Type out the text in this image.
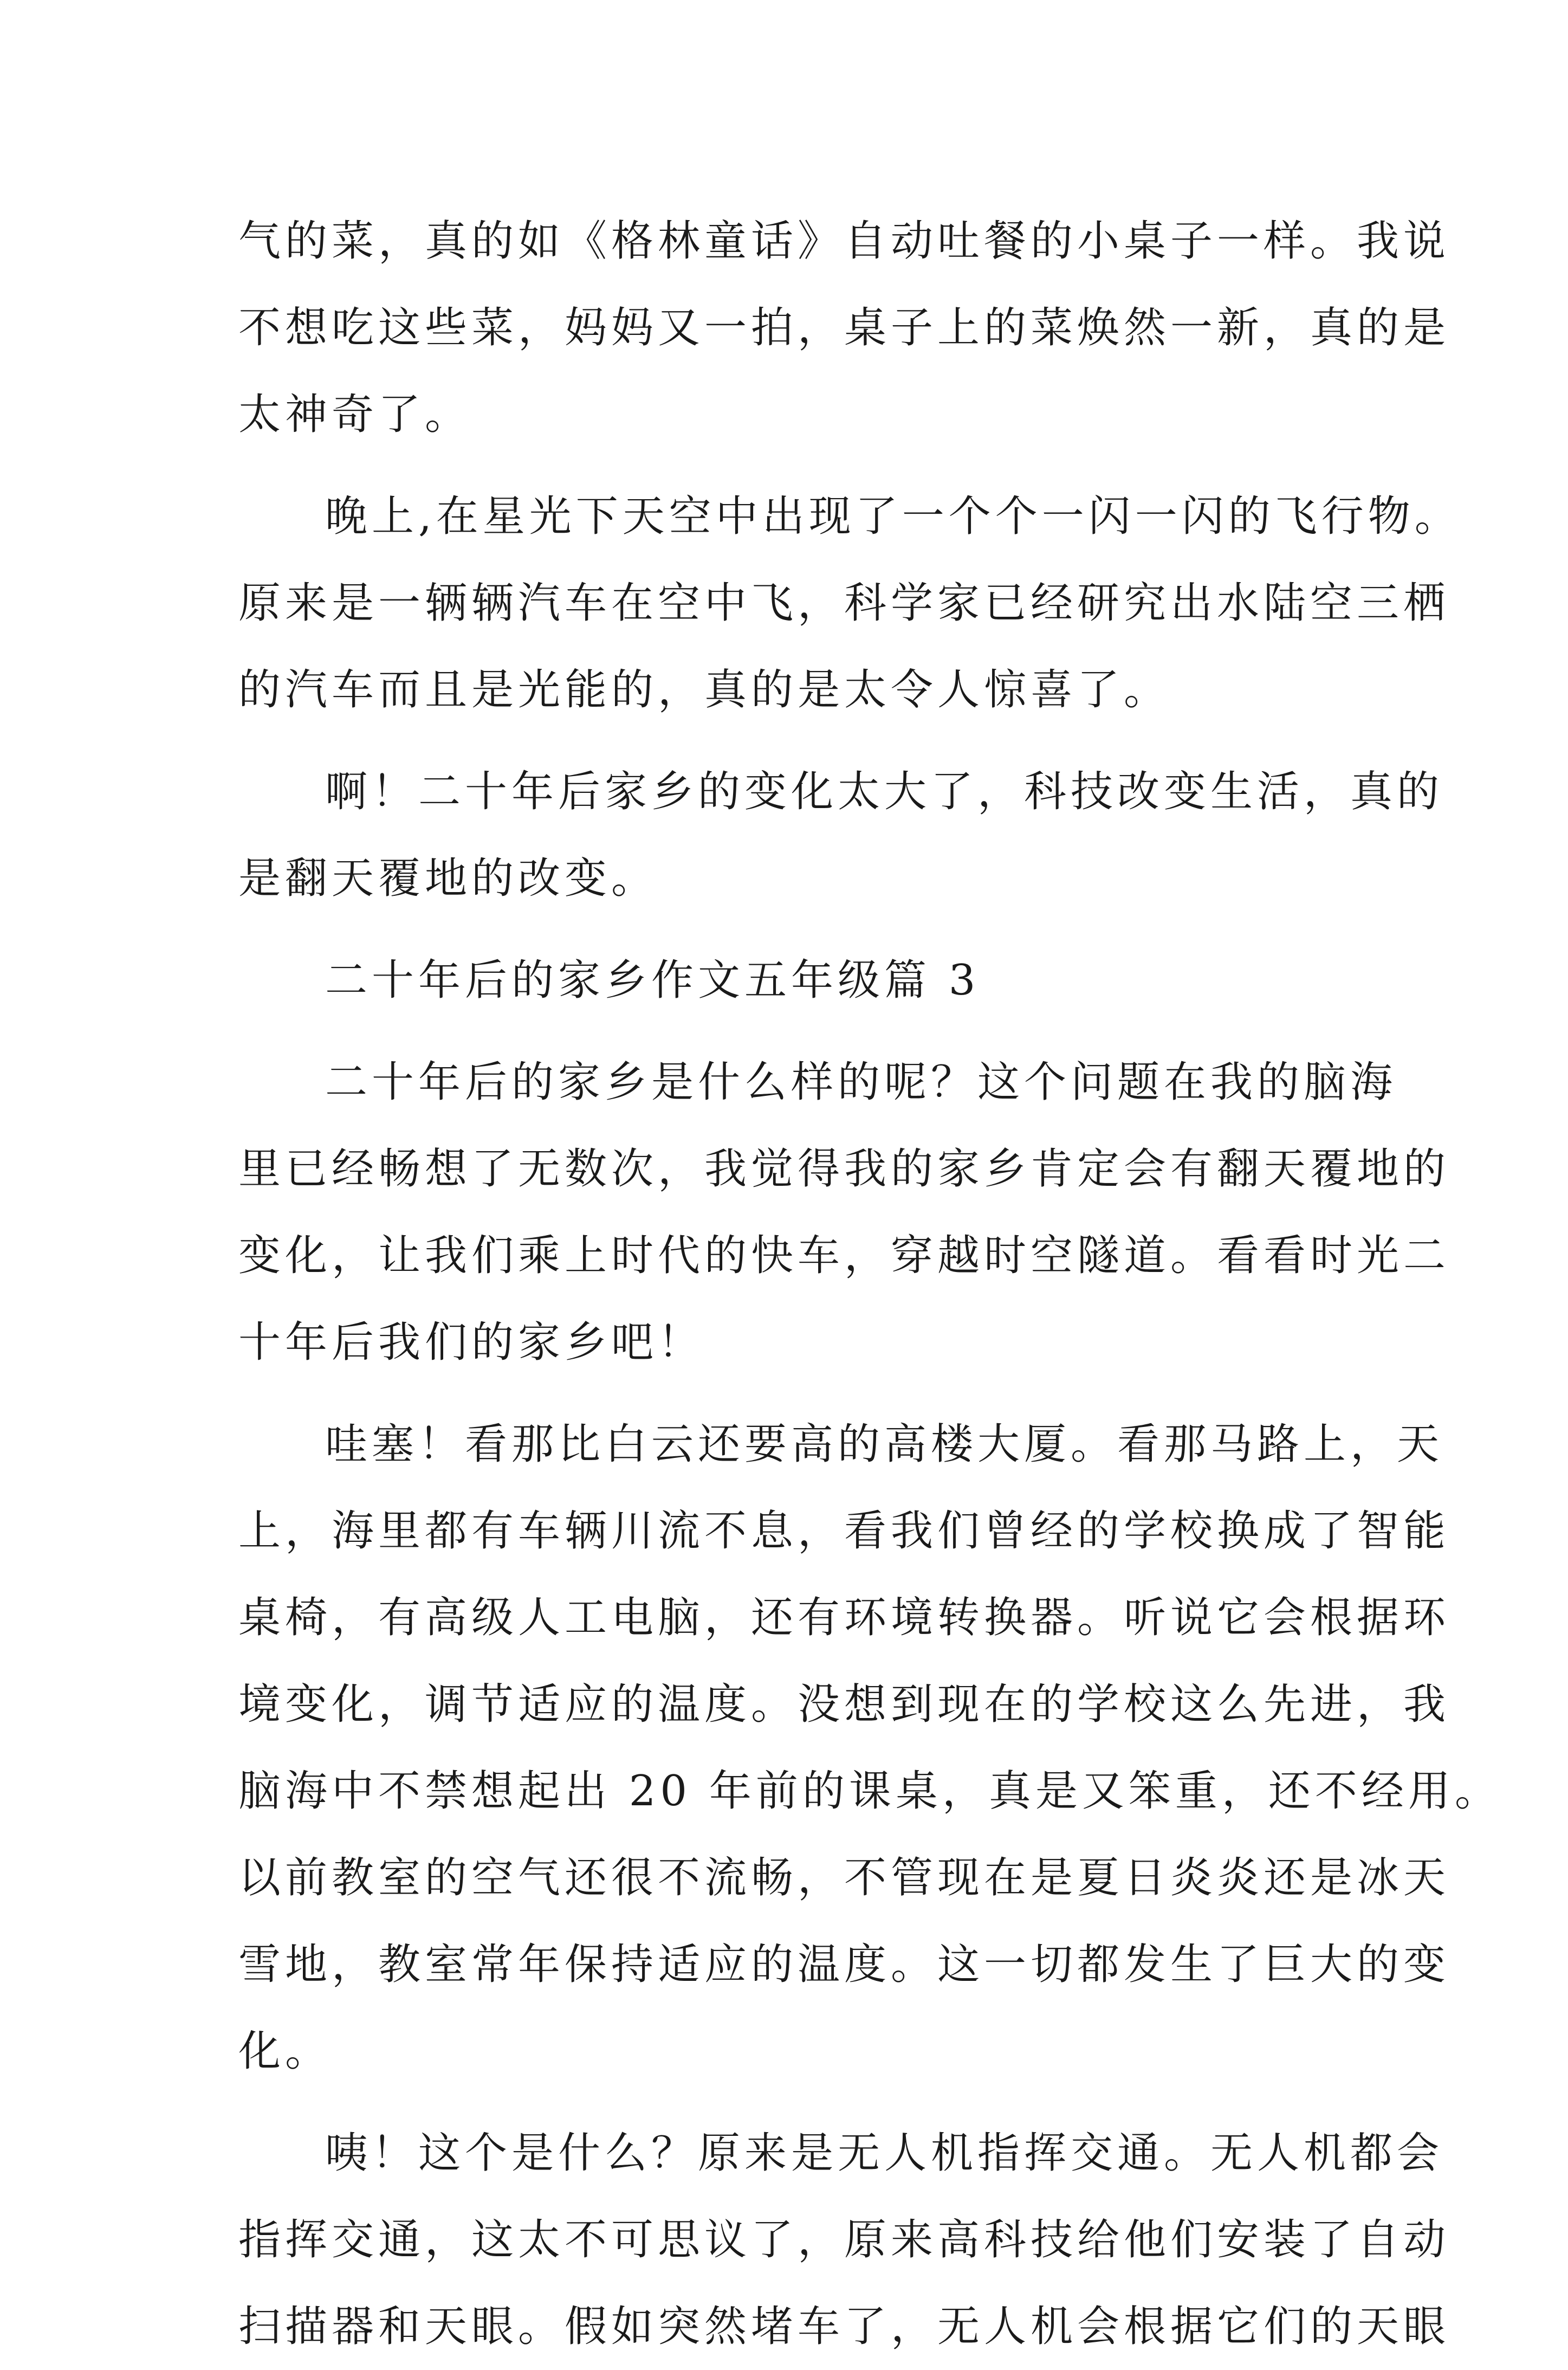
气的菜，真的如《格林童话》自动吐餐的小桌子一样。我说
不想吃这些菜，妈妈又一拍，桌子上的菜焕然一新，真的是
太神奇了。
晚上,在星光下天空中出现了一个个一闪一闪的飞行物。
原来是一辆辆汽车在空中飞，科学家已经研究出水陆空三栖
的汽车而且是光能的，真的是太令人惊喜了。
啊！二十年后家乡的变化太大了，科技改变生活，真的
是翻天覆地的改变。
二十年后的家乡作文五年级篇 3
二十年后的家乡是什么样的呢？这个问题在我的脑海
里已经畅想了无数次，我觉得我的家乡肯定会有翻天覆地的
变化，让我们乘上时代的快车，穿越时空隧道。看看时光二
十年后我们的家乡吧！
哇塞！看那比白云还要高的高楼大厦。看那马路上，天
上，海里都有车辆川流不息，看我们曾经的学校换成了智能
桌椅，有高级人工电脑，还有环境转换器。听说它会根据环
境变化，调节适应的温度。没想到现在的学校这么先进，我
脑海中不禁想起出 20 年前的课桌，真是又笨重，还不经用。
以前教室的空气还很不流畅，不管现在是夏日炎炎还是冰天
雪地，教室常年保持适应的温度。这一切都发生了巨大的变
化。
咦！这个是什么？原来是无人机指挥交通。无人机都会
指挥交通，这太不可思议了，原来高科技给他们安装了自动
扫描器和天眼。假如突然堵车了，无人机会根据它们的天眼
